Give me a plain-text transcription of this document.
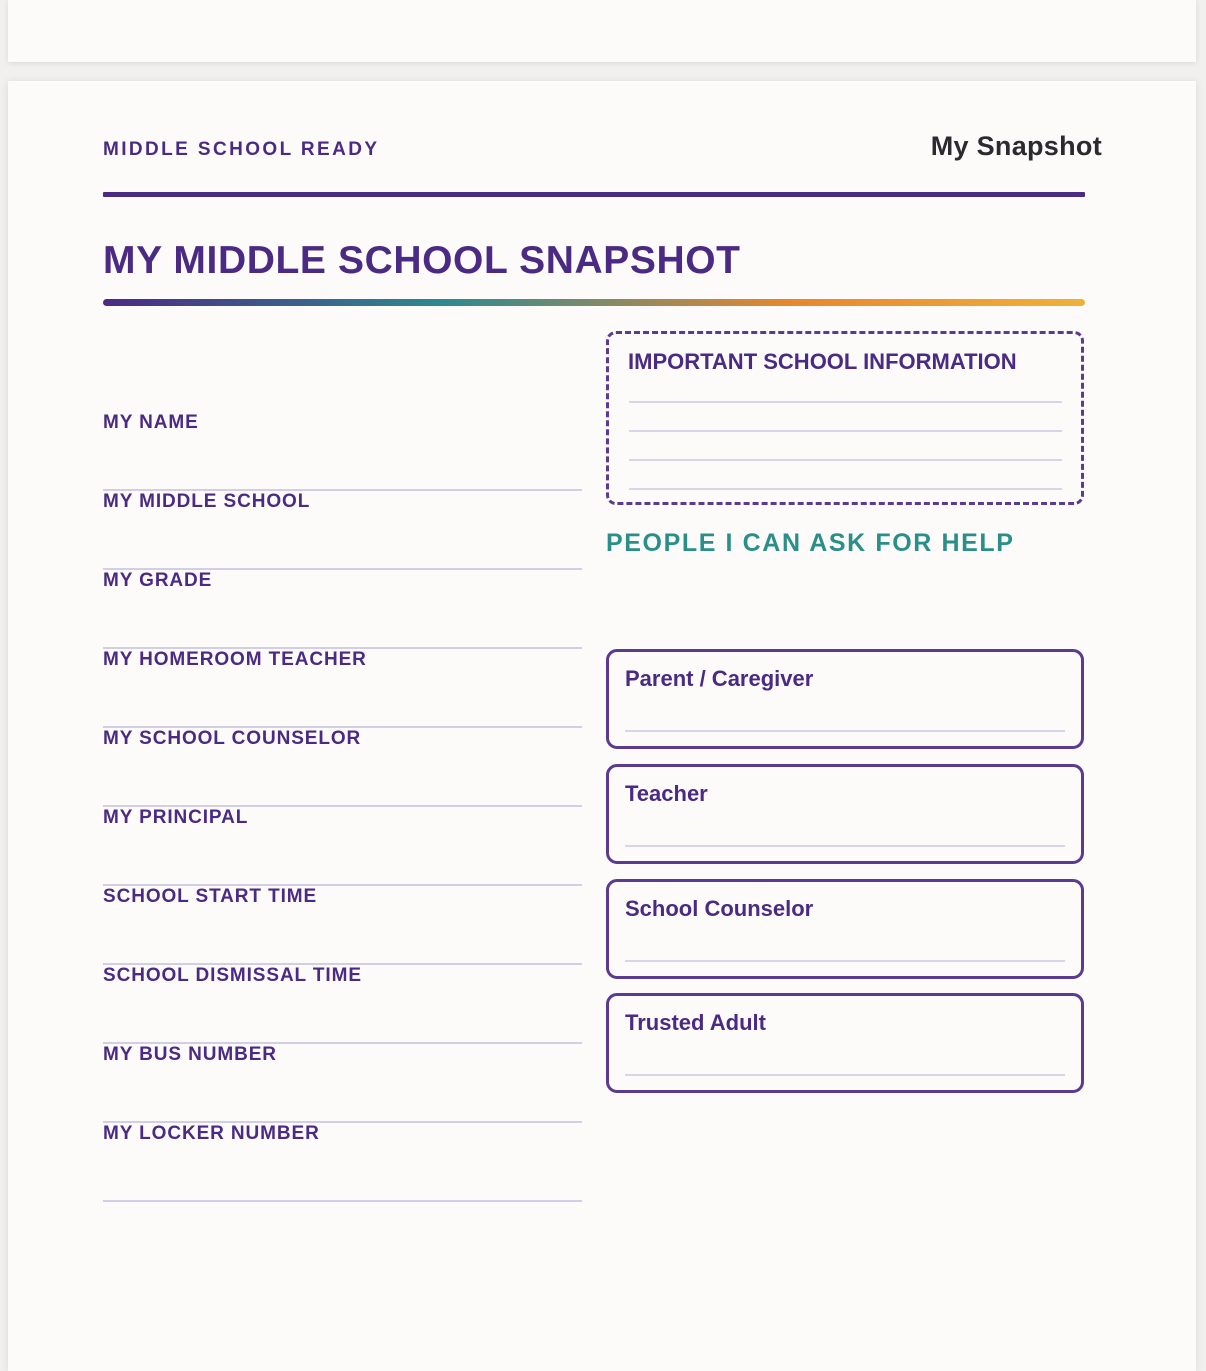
MIDDLE SCHOOL READY	My Snapshot
MY MIDDLE SCHOOL SNAPSHOT
MY NAME
MY MIDDLE SCHOOL
MY GRADE
MY HOMEROOM TEACHER
MY SCHOOL COUNSELOR
MY PRINCIPAL
SCHOOL START TIME
SCHOOL DISMISSAL TIME
MY BUS NUMBER
MY LOCKER NUMBER
IMPORTANT SCHOOL INFORMATION
PEOPLE I CAN ASK FOR HELP
Parent / Caregiver
Teacher
School Counselor
Trusted Adult
